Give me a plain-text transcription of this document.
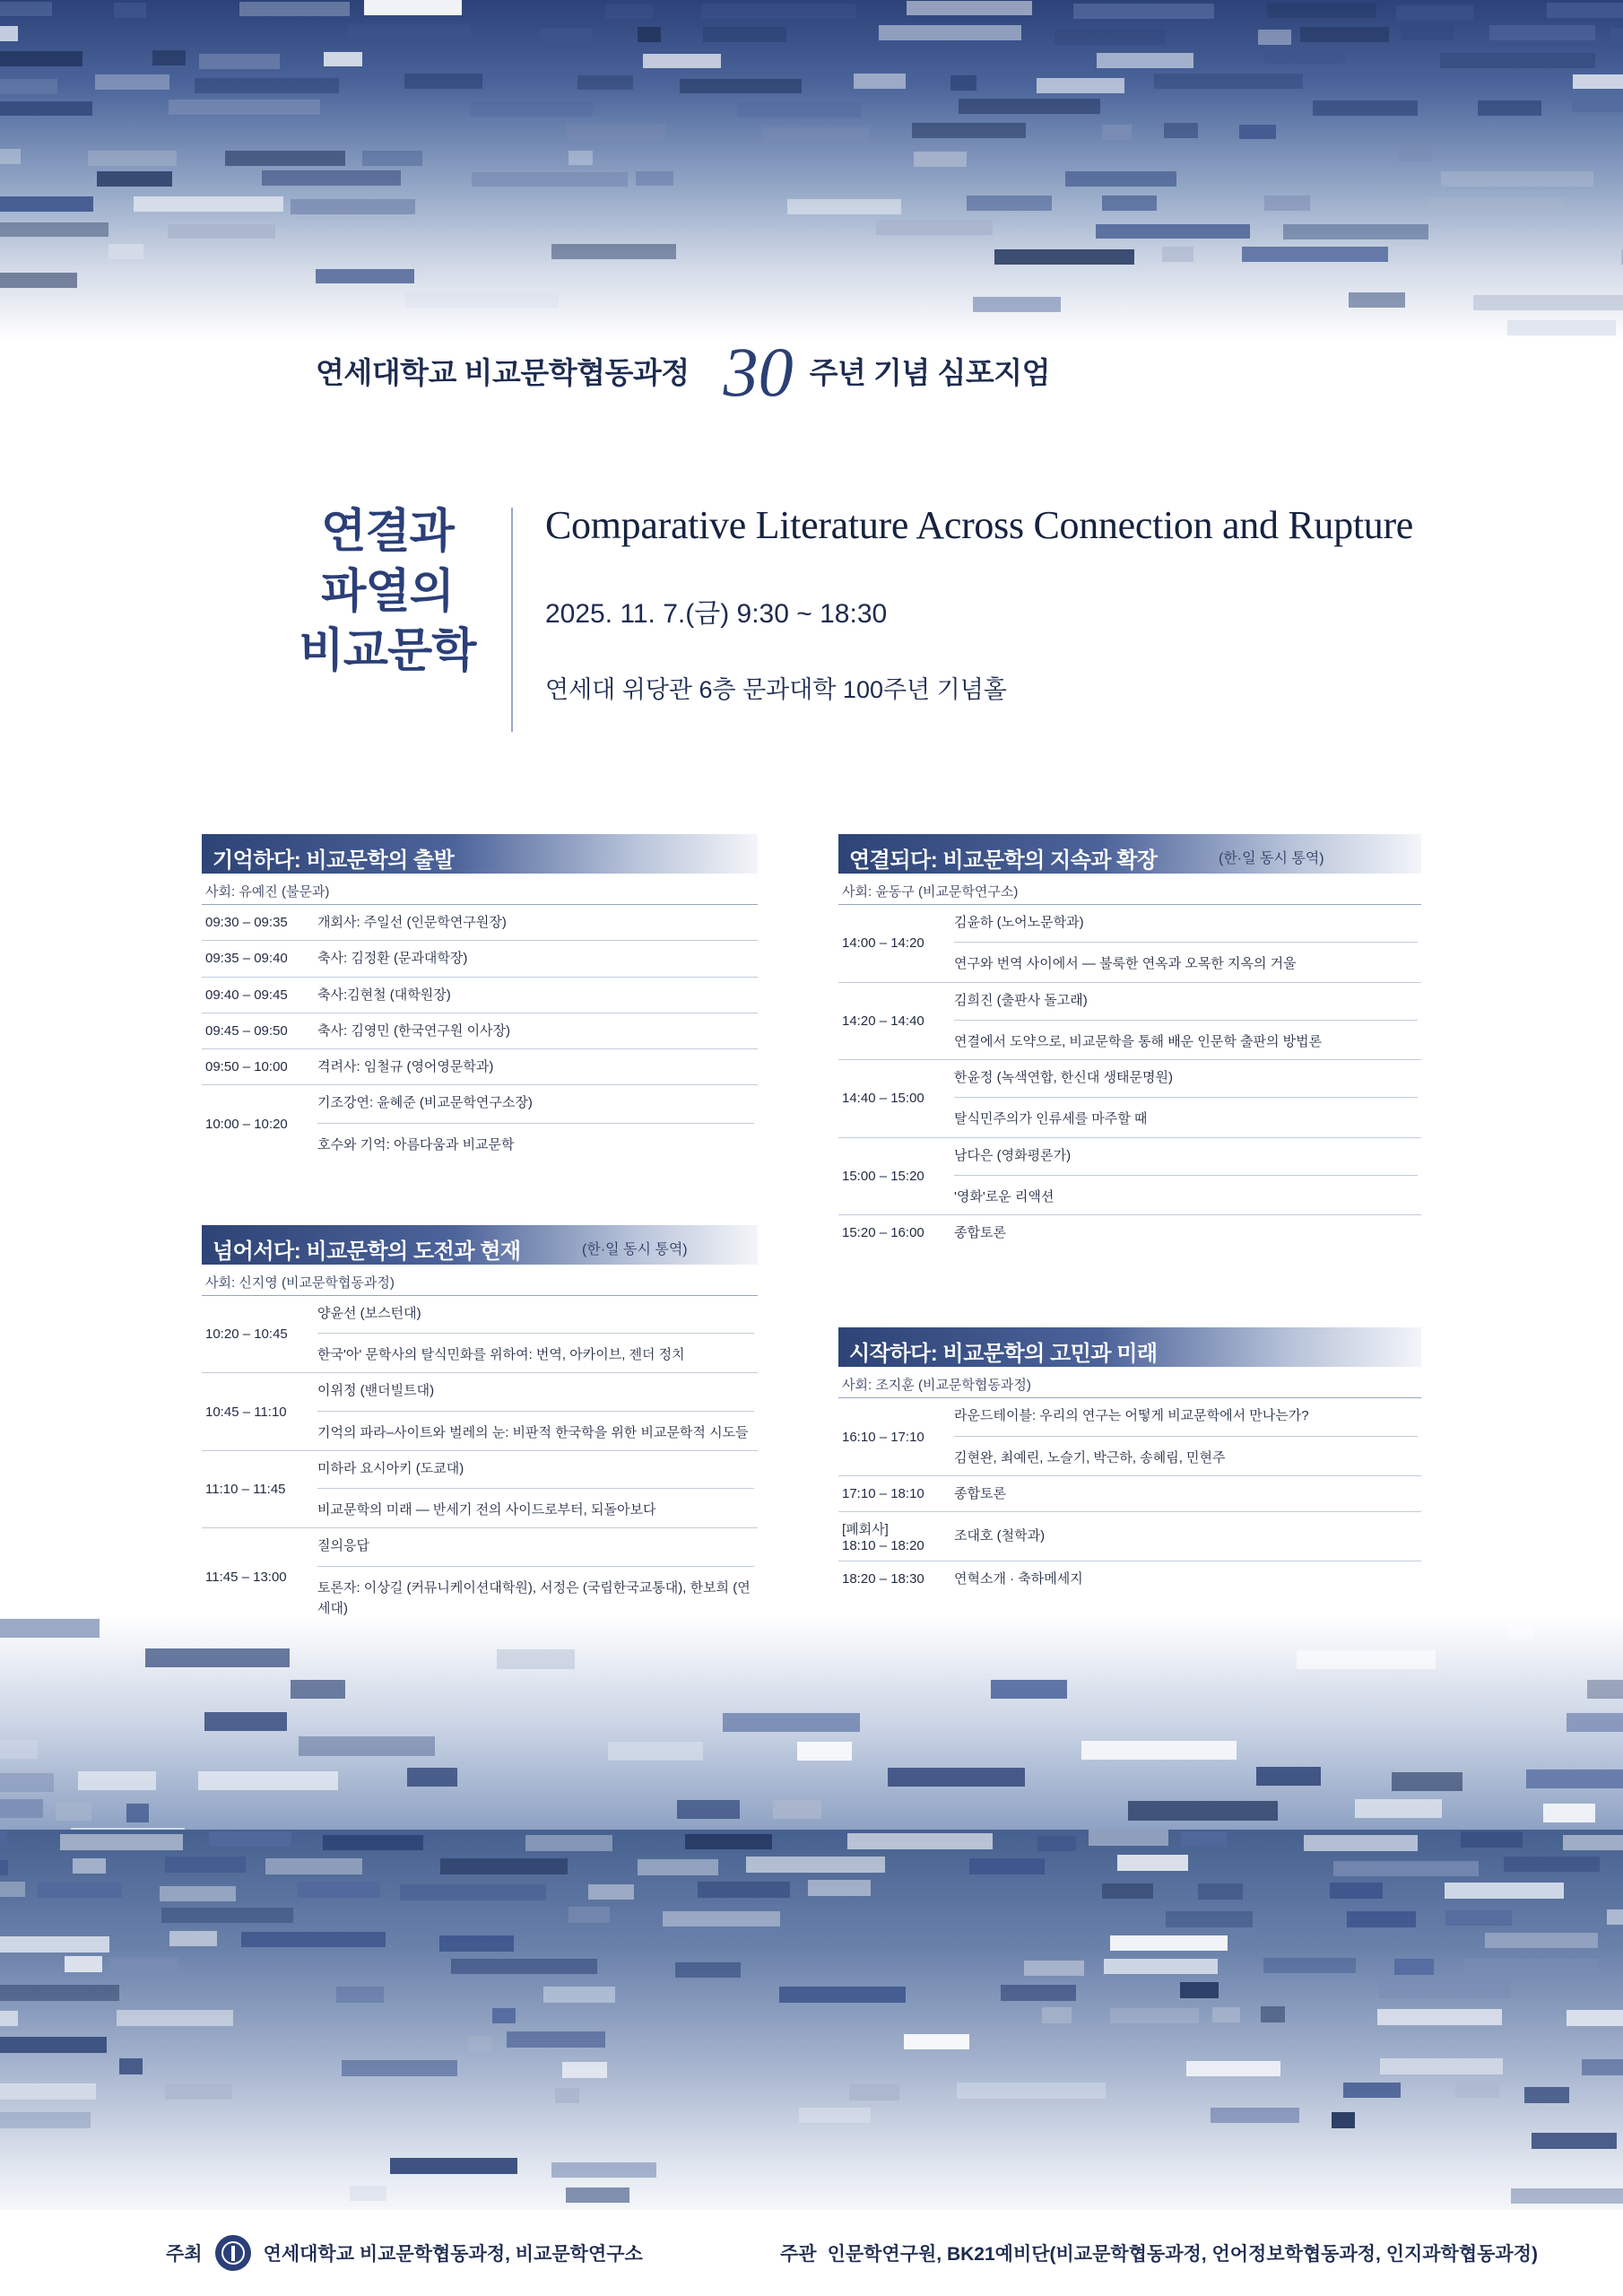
연세대학교 비교문학협동과정 30 주년 기념 심포지엄
연결과
파열의
비교문학
Comparative Literature Across Connection and Rupture
2025. 11. 7.(금) 9:30 ~ 18:30
연세대 위당관 6층 문과대학 100주년 기념홀
기억하다: 비교문학의 출발
사회: 유예진 (불문과)
09:30 – 09:35	개회사: 주일선 (인문학연구원장)

09:35 – 09:40	축사: 김정환 (문과대학장)

09:40 – 09:45	축사:김현철 (대학원장)

09:45 – 09:50	축사: 김영민 (한국연구원 이사장)

09:50 – 10:00	격려사: 임철규 (영어영문학과)

10:00 – 10:20	기조강연: 윤혜준 (비교문학연구소장)
호수와 기억: 아름다움과 비교문학
넘어서다: 비교문학의 도전과 현재	(한·일 동시 통역)
사회: 신지영 (비교문학협동과정)
10:20 – 10:45	양윤선 (보스턴대)
한국'아' 문학사의 탈식민화를 위하여: 번역, 아카이브, 젠더 정치

10:45 – 11:10	이위정 (밴더빌트대)
기억의 파라–사이트와 벌레의 눈: 비판적 한국학을 위한 비교문학적 시도들

11:10 – 11:45	미하라 요시아키 (도쿄대)
비교문학의 미래 — 반세기 전의 사이드로부터, 되돌아보다

11:45 – 13:00	질의응답
토론자: 이상길 (커뮤니케이션대학원), 서정은 (국립한국교통대), 한보희 (연세대)
연결되다: 비교문학의 지속과 확장	(한·일 동시 통역)
사회: 윤동구 (비교문학연구소)
14:00 – 14:20	김윤하 (노어노문학과)
연구와 번역 사이에서 — 불룩한 연옥과 오목한 지옥의 거울

14:20 – 14:40	김희진 (출판사 돌고래)
연결에서 도약으로, 비교문학을 통해 배운 인문학 출판의 방법론

14:40 – 15:00	한윤정 (녹색연합, 한신대 생태문명원)
탈식민주의가 인류세를 마주할 때

15:00 – 15:20	남다은 (영화평론가)
'영화'로운 리액션

15:20 – 16:00	종합토론
시작하다: 비교문학의 고민과 미래
사회: 조지훈 (비교문학협동과정)
16:10 – 17:10	라운드테이블: 우리의 연구는 어떻게 비교문학에서 만나는가?
김현완, 최예린, 노슬기, 박근하, 송혜림, 민현주

17:10 – 18:10	종합토론

[폐회사]
18:10 – 18:20	조대호 (철학과)

18:20 – 18:30	연혁소개 · 축하메세지
주최	연세대학교 비교문학협동과정, 비교문학연구소	주관 인문학연구원, BK21예비단(비교문학협동과정, 언어정보학협동과정, 인지과학협동과정)
